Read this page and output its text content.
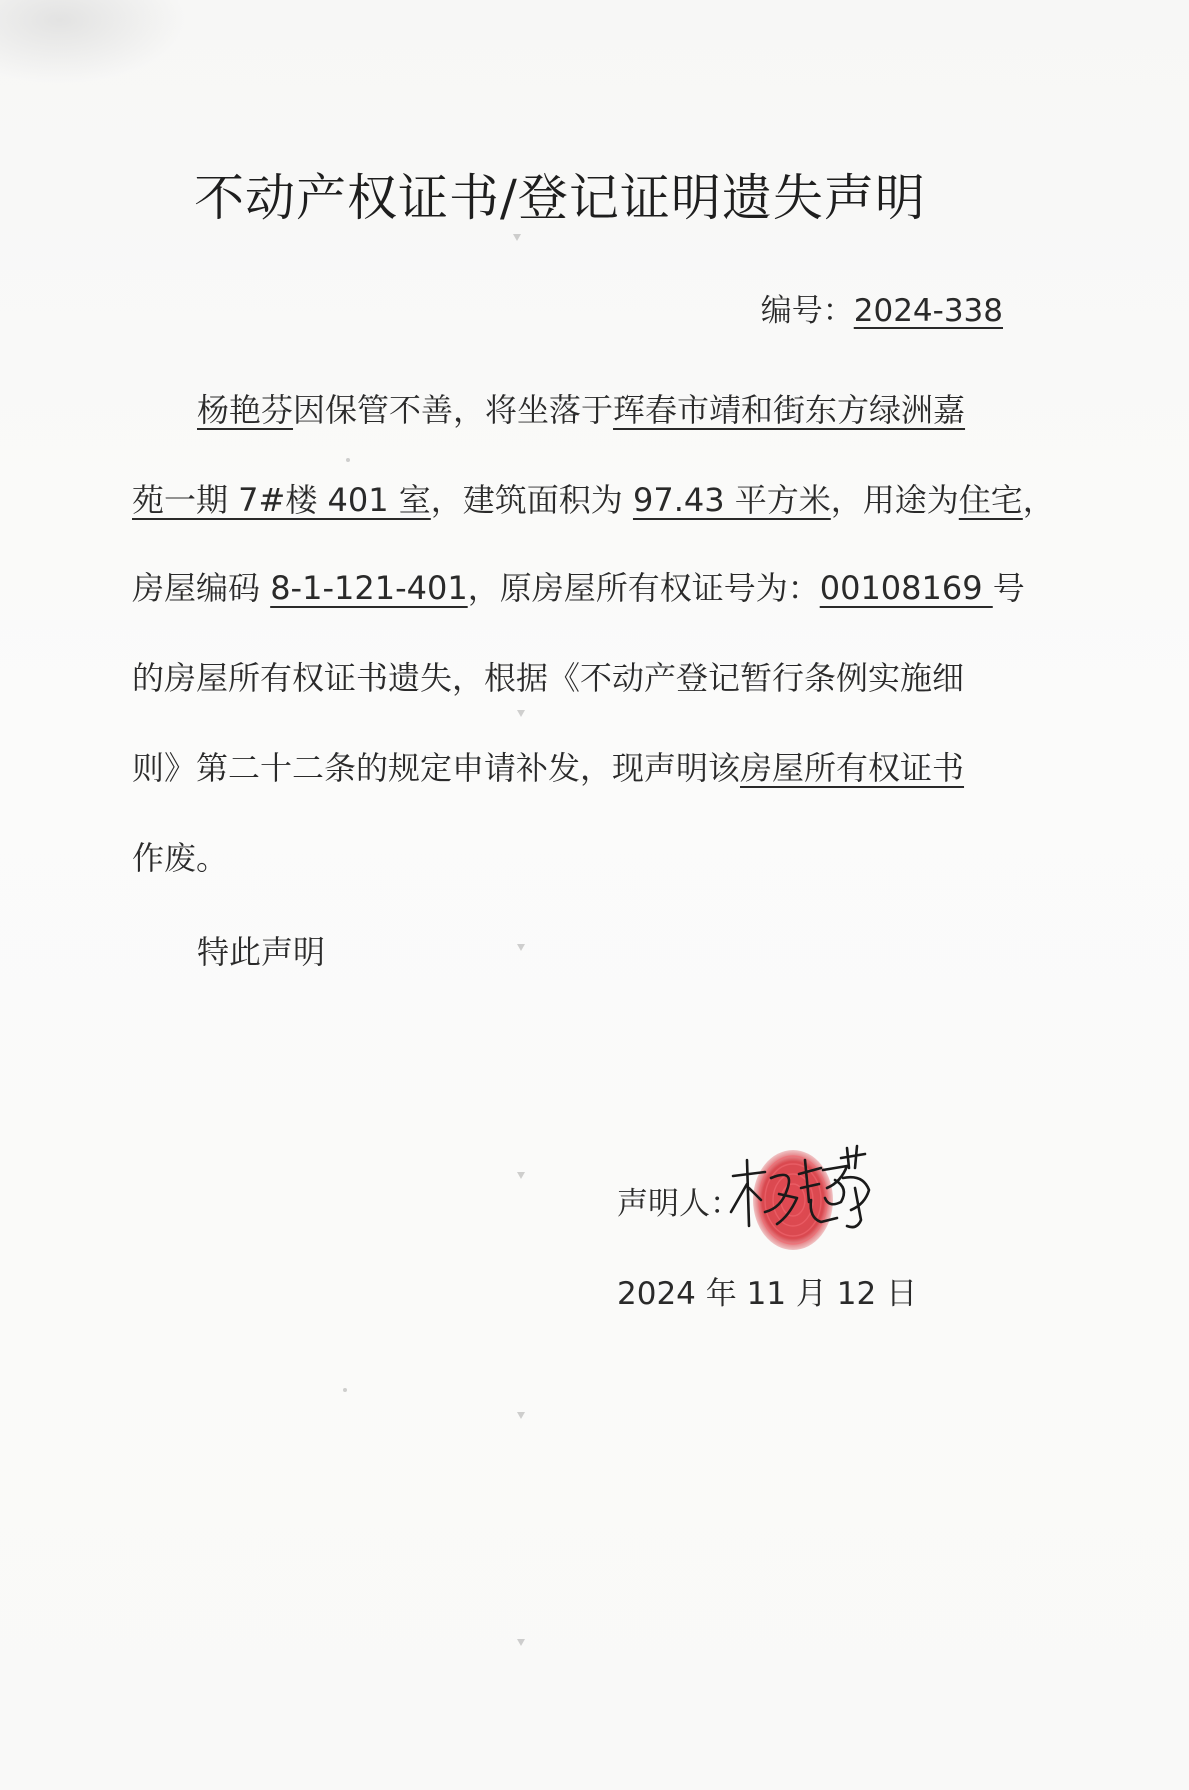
不动产权证书/登记证明遗失声明
编号：2024-338
杨艳芬因保管不善，将坐落于珲春市靖和街东方绿洲嘉
苑一期 7#楼 401 室，建筑面积为 97.43 平方米，用途为住宅，
房屋编码 8-1-121-401，原房屋所有权证号为：00108169 号
的房屋所有权证书遗失，根据《不动产登记暂行条例实施细
则》第二十二条的规定申请补发，现声明该房屋所有权证书
作废。
特此声明
声明人：
2024 年 11 月 12 日
